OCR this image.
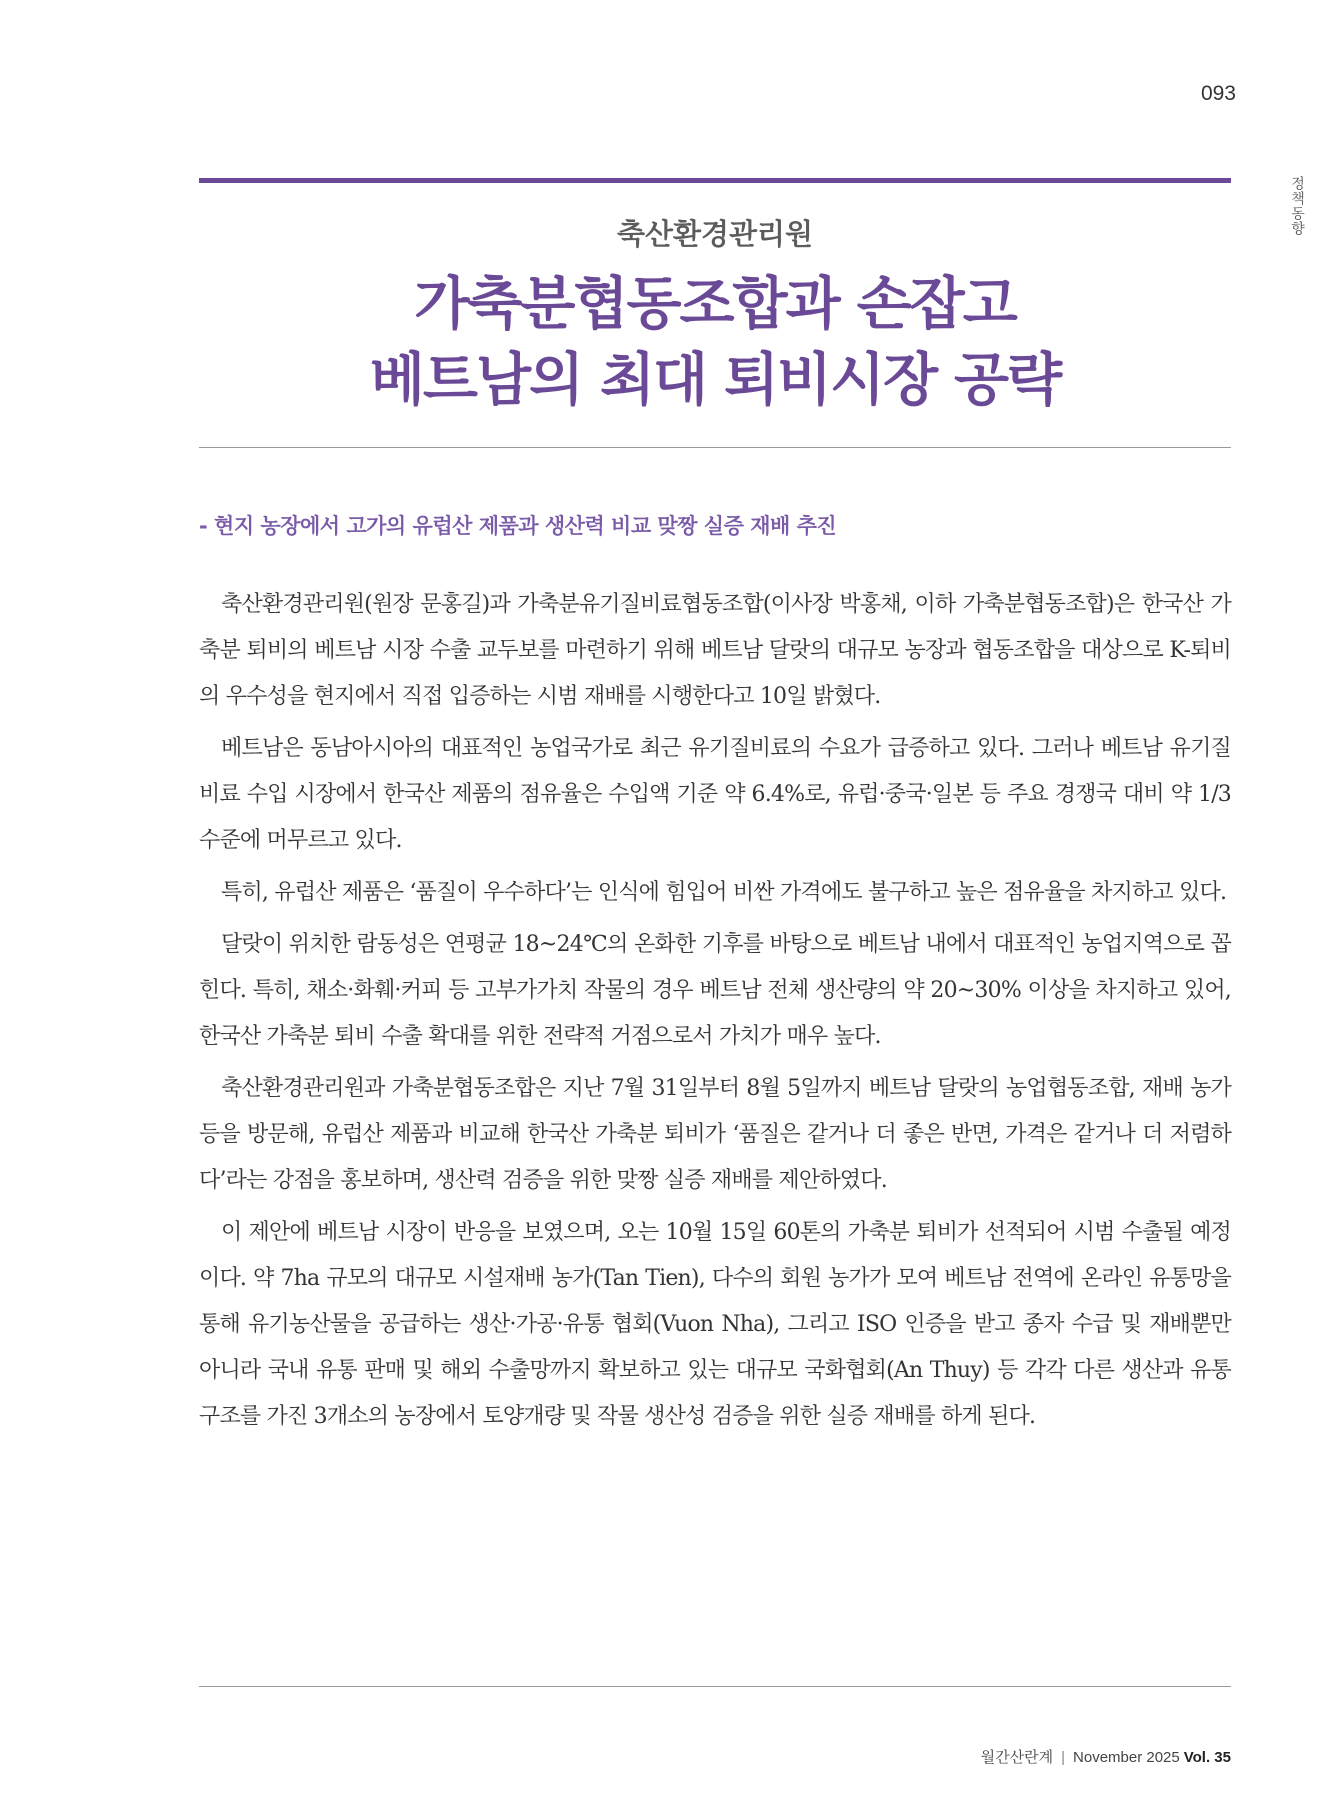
093
정책동향
축산환경관리원
가축분협동조합과 손잡고
베트남의 최대 퇴비시장 공략
- 현지 농장에서 고가의 유럽산 제품과 생산력 비교 맞짱 실증 재배 추진

축산환경관리원(원장 문홍길)과 가축분유기질비료협동조합(이사장 박홍채, 이하 가축분협동조합)은 한국산 가축분 퇴비의 베트남 시장 수출 교두보를 마련하기 위해 베트남 달랏의 대규모 농장과 협동조합을 대상으로 K-퇴비의 우수성을 현지에서 직접 입증하는 시범 재배를 시행한다고 10일 밝혔다.

베트남은 동남아시아의 대표적인 농업국가로 최근 유기질비료의 수요가 급증하고 있다. 그러나 베트남 유기질비료 수입 시장에서 한국산 제품의 점유율은 수입액 기준 약 6.4%로, 유럽·중국·일본 등 주요 경쟁국 대비 약 1/3 수준에 머무르고 있다.

특히, 유럽산 제품은 ‘품질이 우수하다’는 인식에 힘입어 비싼 가격에도 불구하고 높은 점유율을 차지하고 있다.

달랏이 위치한 람동성은 연평균 18~24℃의 온화한 기후를 바탕으로 베트남 내에서 대표적인 농업지역으로 꼽힌다. 특히, 채소·화훼·커피 등 고부가가치 작물의 경우 베트남 전체 생산량의 약 20~30% 이상을 차지하고 있어, 한국산 가축분 퇴비 수출 확대를 위한 전략적 거점으로서 가치가 매우 높다.

축산환경관리원과 가축분협동조합은 지난 7월 31일부터 8월 5일까지 베트남 달랏의 농업협동조합, 재배 농가 등을 방문해, 유럽산 제품과 비교해 한국산 가축분 퇴비가 ‘품질은 같거나 더 좋은 반면, 가격은 같거나 더 저렴하다’라는 강점을 홍보하며, 생산력 검증을 위한 맞짱 실증 재배를 제안하였다.

이 제안에 베트남 시장이 반응을 보였으며, 오는 10월 15일 60톤의 가축분 퇴비가 선적되어 시범 수출될 예정이다. 약 7ha 규모의 대규모 시설재배 농가(Tan Tien), 다수의 회원 농가가 모여 베트남 전역에 온라인 유통망을 통해 유기농산물을 공급하는 생산·가공·유통 협회(Vuon Nha), 그리고 ISO 인증을 받고 종자 수급 및 재배뿐만 아니라 국내 유통 판매 및 해외 수출망까지 확보하고 있는 대규모 국화협회(An Thuy) 등 각각 다른 생산과 유통 구조를 가진 3개소의 농장에서 토양개량 및 작물 생산성 검증을 위한 실증 재배를 하게 된다.

월간산란계 | November 2025 Vol. 35
